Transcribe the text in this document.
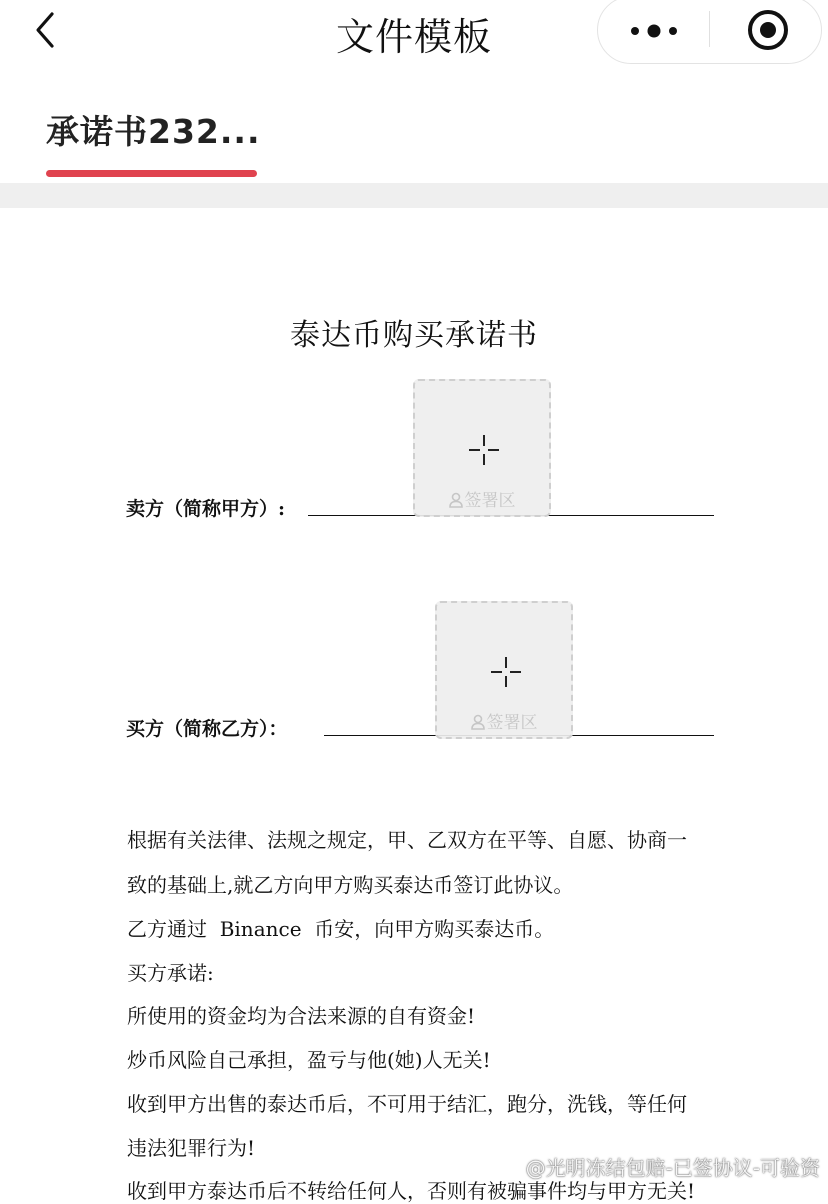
文件模板
承诺书232...
泰达币购买承诺书
卖方（简称甲方）:	签署区
买方（简称乙方）：	签署区
根据有关法律、法规之规定，甲、乙双方在平等、自愿、协商一
致的基础上,就乙方向甲方购买泰达币签订此协议。
乙方通过  Binance  币安，向甲方购买泰达币。
买方承诺:
所使用的资金均为合法来源的自有资金!
炒币风险自己承担，盈亏与他(她)人无关!
收到甲方出售的泰达币后，不可用于结汇，跑分，洗钱，等任何
违法犯罪行为!
收到甲方泰达币后不转给任何人，否则有被骗事件均与甲方无关!
@光明冻结包赔-已签协议-可验资
